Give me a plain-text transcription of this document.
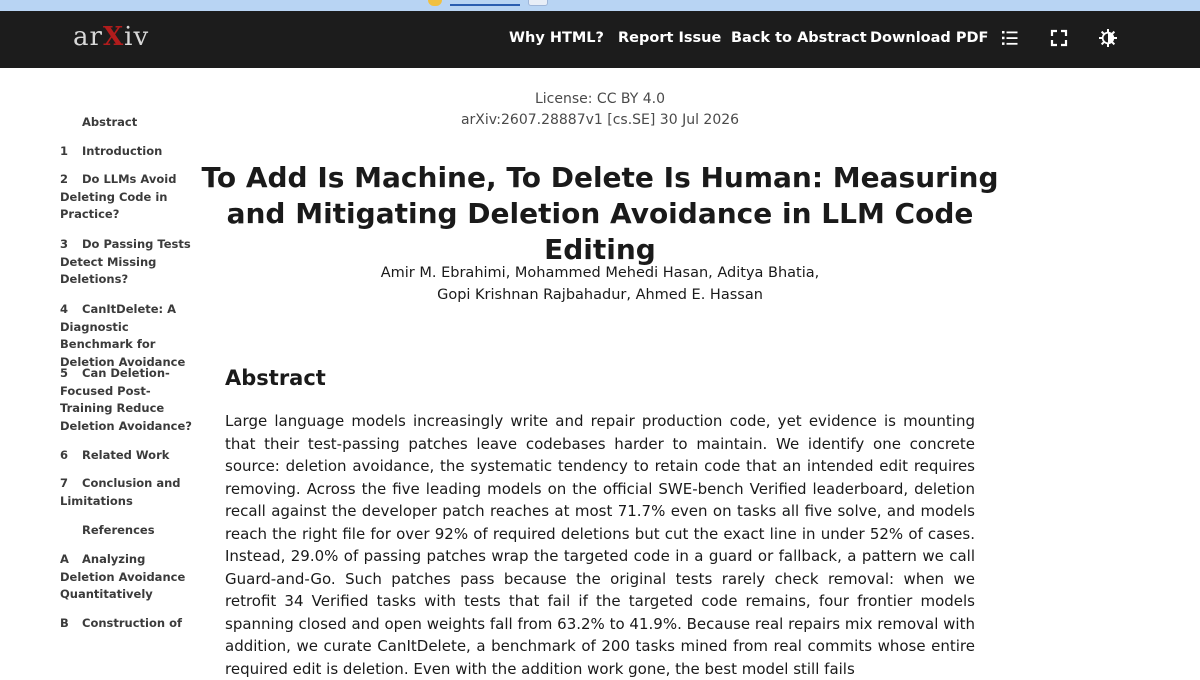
arXiv	Why HTML? Report Issue Back to Abstract Download PDF
Abstract
1 Introduction
2 Do LLMs Avoid Deleting Code in Practice?
3 Do Passing Tests Detect Missing Deletions?
4 CanItDelete: A Diagnostic Benchmark for Deletion Avoidance
5 Can Deletion-Focused Post-Training Reduce Deletion Avoidance?
6 Related Work
7 Conclusion and Limitations
References
A Analyzing Deletion Avoidance Quantitatively
B Construction of
License: CC BY 4.0
arXiv:2607.28887v1 [cs.SE] 30 Jul 2026
To Add Is Machine, To Delete Is Human: Measuring and Mitigating Deletion Avoidance in LLM Code Editing
Amir M. Ebrahimi, Mohammed Mehedi Hasan, Aditya Bhatia,
Gopi Krishnan Rajbahadur, Ahmed E. Hassan
Abstract

Large language models increasingly write and repair production code, yet evidence is mounting that their test-passing patches leave codebases harder to maintain. We identify one concrete source: deletion avoidance, the systematic tendency to retain code that an intended edit requires removing. Across the five leading models on the official SWE-bench Verified leaderboard, deletion recall against the developer patch reaches at most 71.7% even on tasks all five solve, and models reach the right file for over 92% of required deletions but cut the exact line in under 52% of cases. Instead, 29.0% of passing patches wrap the targeted code in a guard or fallback, a pattern we call Guard-and-Go. Such patches pass because the original tests rarely check removal: when we retrofit 34 Verified tasks with tests that fail if the targeted code remains, four frontier models spanning closed and open weights fall from 63.2% to 41.9%. Because real repairs mix removal with addition, we curate CanItDelete, a benchmark of 200 tasks mined from real commits whose entire required edit is deletion. Even with the addition work gone, the best model still fails
